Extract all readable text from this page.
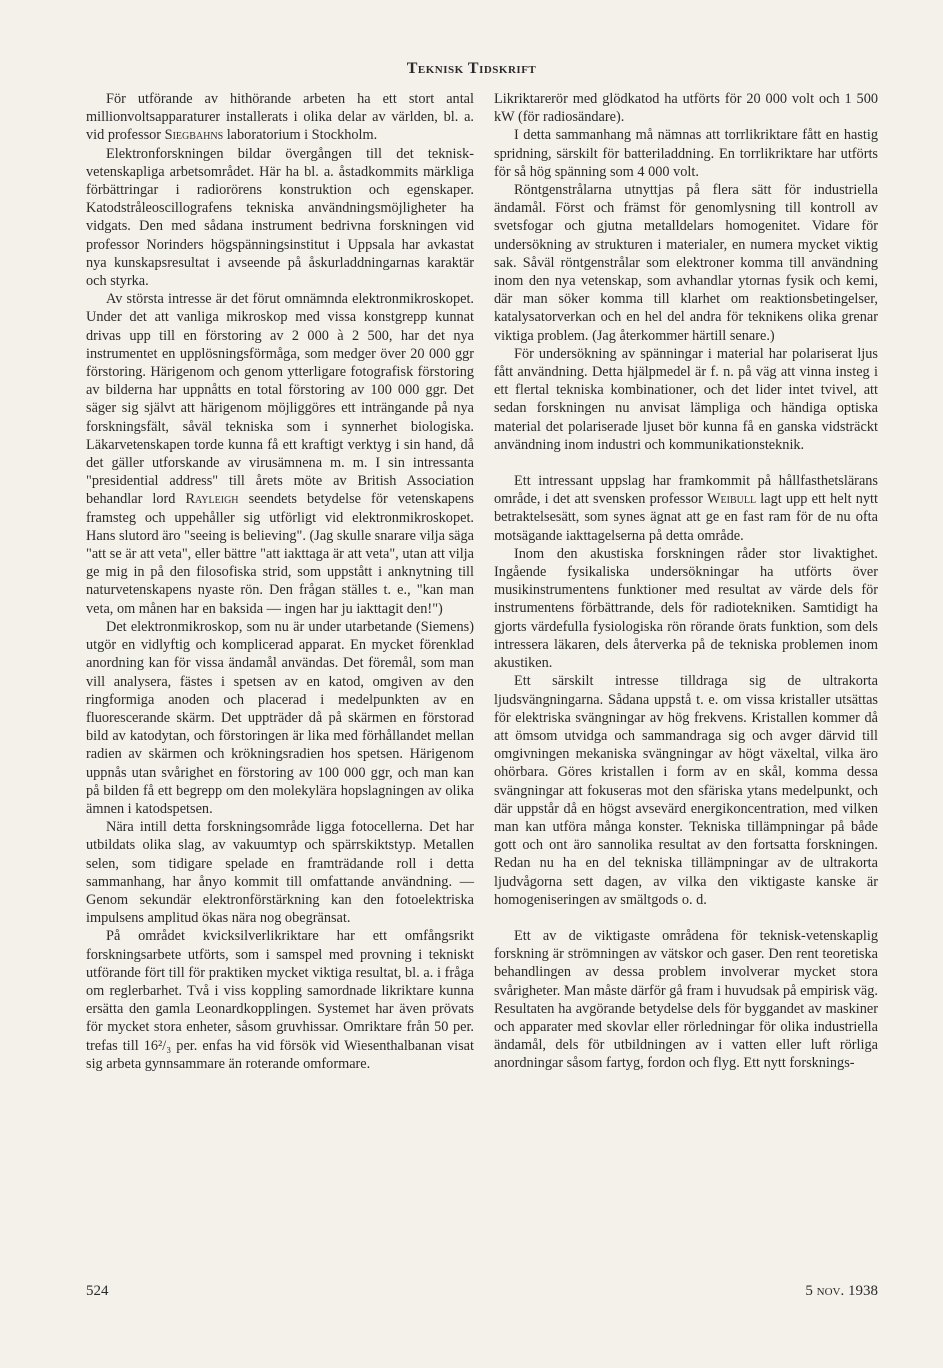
Teknisk Tidskrift

För utförande av hithörande arbeten ha ett stort antal millionvoltsapparaturer installerats i olika delar av världen, bl. a. vid professor Siegbahns laboratorium i Stockholm.

Elektronforskningen bildar övergången till det teknisk-vetenskapliga arbetsområdet. Här ha bl. a. åstadkommits märkliga förbättringar i radiorörens konstruktion och egenskaper. Katodstråleoscillografens tekniska användningsmöjligheter ha vidgats. Den med sådana instrument bedrivna forskningen vid professor Norinders högspänningsinstitut i Uppsala har avkastat nya kunskapsresultat i avseende på åskurladdningarnas karaktär och styrka.

Av största intresse är det förut omnämnda elektronmikroskopet. Under det att vanliga mikroskop med vissa konstgrepp kunnat drivas upp till en förstoring av 2 000 à 2 500, har det nya instrumentet en upplösningsförmåga, som medger över 20 000 ggr förstoring. Härigenom och genom ytterligare fotografisk förstoring av bilderna har uppnåtts en total förstoring av 100 000 ggr. Det säger sig självt att härigenom möjliggöres ett inträngande på nya forskningsfält, såväl tekniska som i synnerhet biologiska. Läkarvetenskapen torde kunna få ett kraftigt verktyg i sin hand, då det gäller utforskande av virusämnena m. m. I sin intressanta "presidential address" till årets möte av British Association behandlar lord Rayleigh seendets betydelse för vetenskapens framsteg och uppehåller sig utförligt vid elektronmikroskopet. Hans slutord äro "seeing is believing". (Jag skulle snarare vilja säga "att se är att veta", eller bättre "att iakttaga är att veta", utan att vilja ge mig in på den filosofiska strid, som uppstått i anknytning till naturvetenskapens nyaste rön. Den frågan ställes t. e., "kan man veta, om månen har en baksida — ingen har ju iakttagit den!")

Det elektronmikroskop, som nu är under utarbetande (Siemens) utgör en vidlyftig och komplicerad apparat. En mycket förenklad anordning kan för vissa ändamål användas. Det föremål, som man vill analysera, fästes i spetsen av en katod, omgiven av den ringformiga anoden och placerad i medelpunkten av en fluorescerande skärm. Det uppträder då på skärmen en förstorad bild av katodytan, och förstoringen är lika med förhållandet mellan radien av skärmen och krökningsradien hos spetsen. Härigenom uppnås utan svårighet en förstoring av 100 000 ggr, och man kan på bilden få ett begrepp om den molekylära hopslagningen av olika ämnen i katodspetsen.

Nära intill detta forskningsområde ligga fotocellerna. Det har utbildats olika slag, av vakuumtyp och spärrskiktstyp. Metallen selen, som tidigare spelade en framträdande roll i detta sammanhang, har ånyo kommit till omfattande användning. — Genom sekundär elektronförstärkning kan den fotoelektriska impulsens amplitud ökas nära nog obegränsat.

På området kvicksilverlikriktare har ett omfångsrikt forskningsarbete utförts, som i samspel med provning i tekniskt utförande fört till för praktiken mycket viktiga resultat, bl. a. i fråga om reglerbarhet. Två i viss koppling samordnade likriktare kunna ersätta den gamla Leonardkopplingen. Systemet har även prövats för mycket stora enheter, såsom gruvhissar. Omriktare från 50 per. trefas till 16²/₃ per. enfas ha vid försök vid Wiesenthalbanan visat sig arbeta gynnsammare än roterande omformare.

Likriktarerör med glödkatod ha utförts för 20 000 volt och 1 500 kW (för radiosändare).

I detta sammanhang må nämnas att torrlikriktare fått en hastig spridning, särskilt för batteriladdning. En torrlikriktare har utförts för så hög spänning som 4 000 volt.

Röntgenstrålarna utnyttjas på flera sätt för industriella ändamål. Först och främst för genomlysning till kontroll av svetsfogar och gjutna metalldelars homogenitet. Vidare för undersökning av strukturen i materialer, en numera mycket viktig sak. Såväl röntgenstrålar som elektroner komma till användning inom den nya vetenskap, som avhandlar ytornas fysik och kemi, där man söker komma till klarhet om reaktionsbetingelser, katalysatorverkan och en hel del andra för teknikens olika grenar viktiga problem. (Jag återkommer härtill senare.)

För undersökning av spänningar i material har polariserat ljus fått användning. Detta hjälpmedel är f. n. på väg att vinna insteg i ett flertal tekniska kombinationer, och det lider intet tvivel, att sedan forskningen nu anvisat lämpliga och händiga optiska material det polariserade ljuset bör kunna få en ganska vidsträckt användning inom industri och kommunikationsteknik.

Ett intressant uppslag har framkommit på hållfasthetslärans område, i det att svensken professor Weibull lagt upp ett helt nytt betraktelsesätt, som synes ägnat att ge en fast ram för de nu ofta motsägande iakttagelserna på detta område.

Inom den akustiska forskningen råder stor livaktighet. Ingående fysikaliska undersökningar ha utförts över musikinstrumentens funktioner med resultat av värde dels för instrumentens förbättrande, dels för radiotekniken. Samtidigt ha gjorts värdefulla fysiologiska rön rörande örats funktion, som dels intressera läkaren, dels återverka på de tekniska problemen inom akustiken.

Ett särskilt intresse tilldraga sig de ultrakorta ljudsvängningarna. Sådana uppstå t. e. om vissa kristaller utsättas för elektriska svängningar av hög frekvens. Kristallen kommer då att ömsom utvidga och sammandraga sig och avger därvid till omgivningen mekaniska svängningar av högt växeltal, vilka äro ohörbara. Göres kristallen i form av en skål, komma dessa svängningar att fokuseras mot den sfäriska ytans medelpunkt, och där uppstår då en högst avsevärd energikoncentration, med vilken man kan utföra många konster. Tekniska tillämpningar på både gott och ont äro sannolika resultat av den fortsatta forskningen. Redan nu ha en del tekniska tillämpningar av de ultrakorta ljudvågorna sett dagen, av vilka den viktigaste kanske är homogeniseringen av smältgods o. d.

Ett av de viktigaste områdena för teknisk-vetenskaplig forskning är strömningen av vätskor och gaser. Den rent teoretiska behandlingen av dessa problem involverar mycket stora svårigheter. Man måste därför gå fram i huvudsak på empirisk väg. Resultaten ha avgörande betydelse dels för byggandet av maskiner och apparater med skovlar eller rörledningar för olika industriella ändamål, dels för utbildningen av i vatten eller luft rörliga anordningar såsom fartyg, fordon och flyg. Ett nytt forsknings-

524	5 nov. 1938
